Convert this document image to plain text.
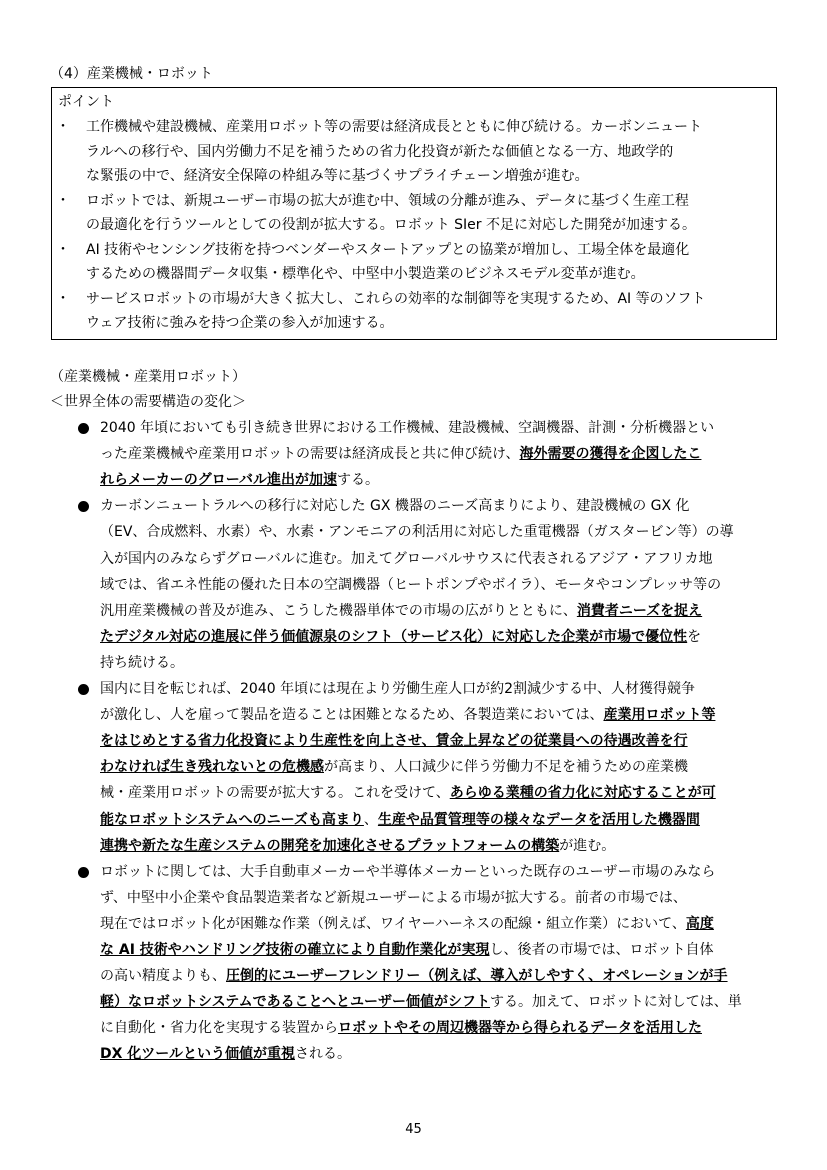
（4）産業機械・ロボット
ポイント
・ 工作機械や建設機械、産業用ロボット等の需要は経済成長とともに伸び続ける。カーボンニュート
ラルへの移行や、国内労働力不足を補うための省力化投資が新たな価値となる一方、地政学的
な緊張の中で、経済安全保障の枠組み等に基づくサプライチェーン増強が進む。
・ ロボットでは、新規ユーザー市場の拡大が進む中、領域の分離が進み、データに基づく生産工程
の最適化を行うツールとしての役割が拡大する。ロボット SIer 不足に対応した開発が加速する。
・ AI 技術やセンシング技術を持つベンダーやスタートアップとの協業が増加し、工場全体を最適化
するための機器間データ収集・標準化や、中堅中小製造業のビジネスモデル変革が進む。
・ サービスロボットの市場が大きく拡大し、これらの効率的な制御等を実現するため、AI 等のソフト
ウェア技術に強みを持つ企業の参入が加速する。
（産業機械・産業用ロボット）
＜世界全体の需要構造の変化＞
2040 年頃においても引き続き世界における工作機械、建設機械、空調機器、計測・分析機器とい
った産業機械や産業用ロボットの需要は経済成長と共に伸び続け、海外需要の獲得を企図したこ
れらメーカーのグローバル進出が加速する。
カーボンニュートラルへの移行に対応した GX 機器のニーズ高まりにより、建設機械の GX 化
（EV、合成燃料、水素）や、水素・アンモニアの利活用に対応した重電機器（ガスタービン等）の導
入が国内のみならずグローバルに進む。加えてグローバルサウスに代表されるアジア・アフリカ地
域では、省エネ性能の優れた日本の空調機器（ヒートポンプやボイラ）、モータやコンプレッサ等の
汎用産業機械の普及が進み、こうした機器単体での市場の広がりとともに、消費者ニーズを捉え
たデジタル対応の進展に伴う価値源泉のシフト（サービス化）に対応した企業が市場で優位性を
持ち続ける。
国内に目を転じれば、2040 年頃には現在より労働生産人口が約2割減少する中、人材獲得競争
が激化し、人を雇って製品を造ることは困難となるため、各製造業においては、産業用ロボット等
をはじめとする省力化投資により生産性を向上させ、賃金上昇などの従業員への待遇改善を行
わなければ生き残れないとの危機感が高まり、人口減少に伴う労働力不足を補うための産業機
械・産業用ロボットの需要が拡大する。これを受けて、あらゆる業種の省力化に対応することが可
能なロボットシステムへのニーズも高まり、生産や品質管理等の様々なデータを活用した機器間
連携や新たな生産システムの開発を加速化させるプラットフォームの構築が進む。
ロボットに関しては、大手自動車メーカーや半導体メーカーといった既存のユーザー市場のみなら
ず、中堅中小企業や食品製造業者など新規ユーザーによる市場が拡大する。前者の市場では、
現在ではロボット化が困難な作業（例えば、ワイヤーハーネスの配線・組立作業）において、高度
な AI 技術やハンドリング技術の確立により自動作業化が実現し、後者の市場では、ロボット自体
の高い精度よりも、圧倒的にユーザーフレンドリー（例えば、導入がしやすく、オペレーションが手
軽）なロボットシステムであることへとユーザー価値がシフトする。加えて、ロボットに対しては、単
に自動化・省力化を実現する装置からロボットやその周辺機器等から得られるデータを活用した
DX 化ツールという価値が重視される。
45
